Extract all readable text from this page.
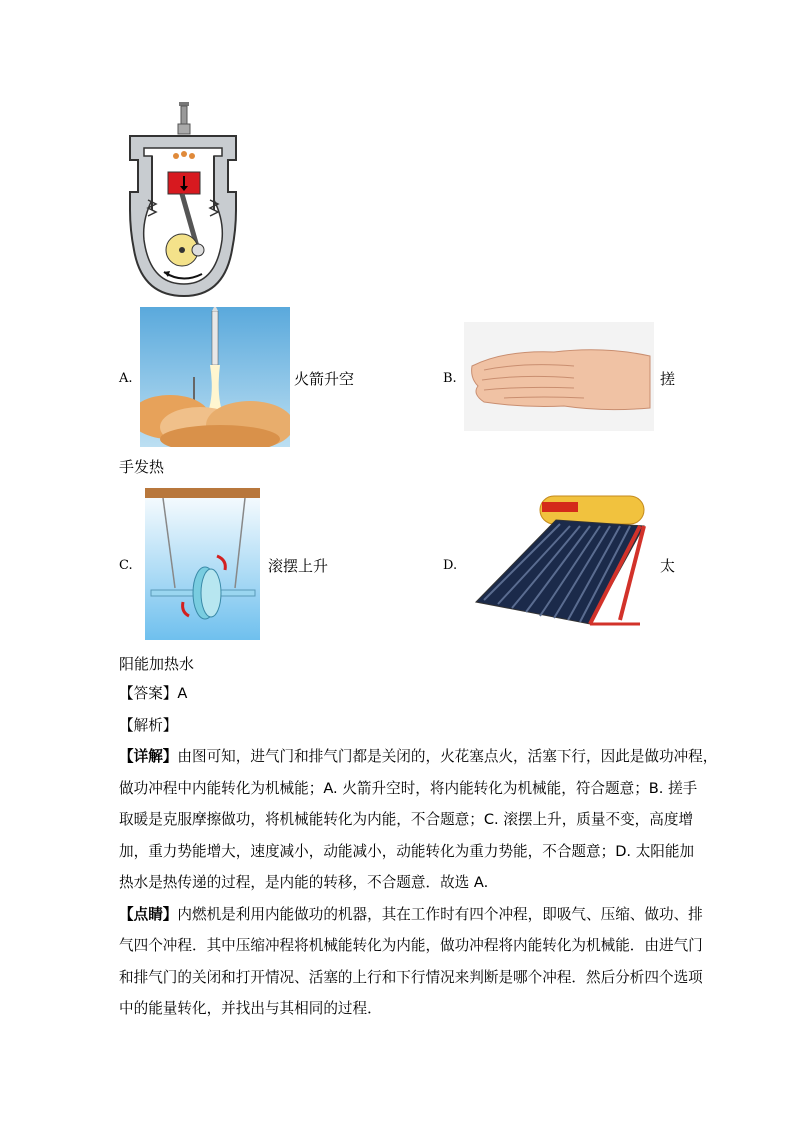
A.	火箭升空	B.	搓
手发热
C.	滚摆上升	D.	太
阳能加热水
【答案】A
【解析】
【详解】由图可知，进气门和排气门都是关闭的，火花塞点火，活塞下行，因此是做功冲程，
做功冲程中内能转化为机械能；A. 火箭升空时，将内能转化为机械能，符合题意；B. 搓手
取暖是克服摩擦做功，将机械能转化为内能，不合题意；C. 滚摆上升，质量不变，高度增
加，重力势能增大，速度减小，动能减小，动能转化为重力势能，不合题意；D. 太阳能加
热水是热传递的过程，是内能的转移，不合题意．故选 A.
【点睛】内燃机是利用内能做功的机器，其在工作时有四个冲程，即吸气、压缩、做功、排
气四个冲程．其中压缩冲程将机械能转化为内能，做功冲程将内能转化为机械能．由进气门
和排气门的关闭和打开情况、活塞的上行和下行情况来判断是哪个冲程．然后分析四个选项
中的能量转化，并找出与其相同的过程．
